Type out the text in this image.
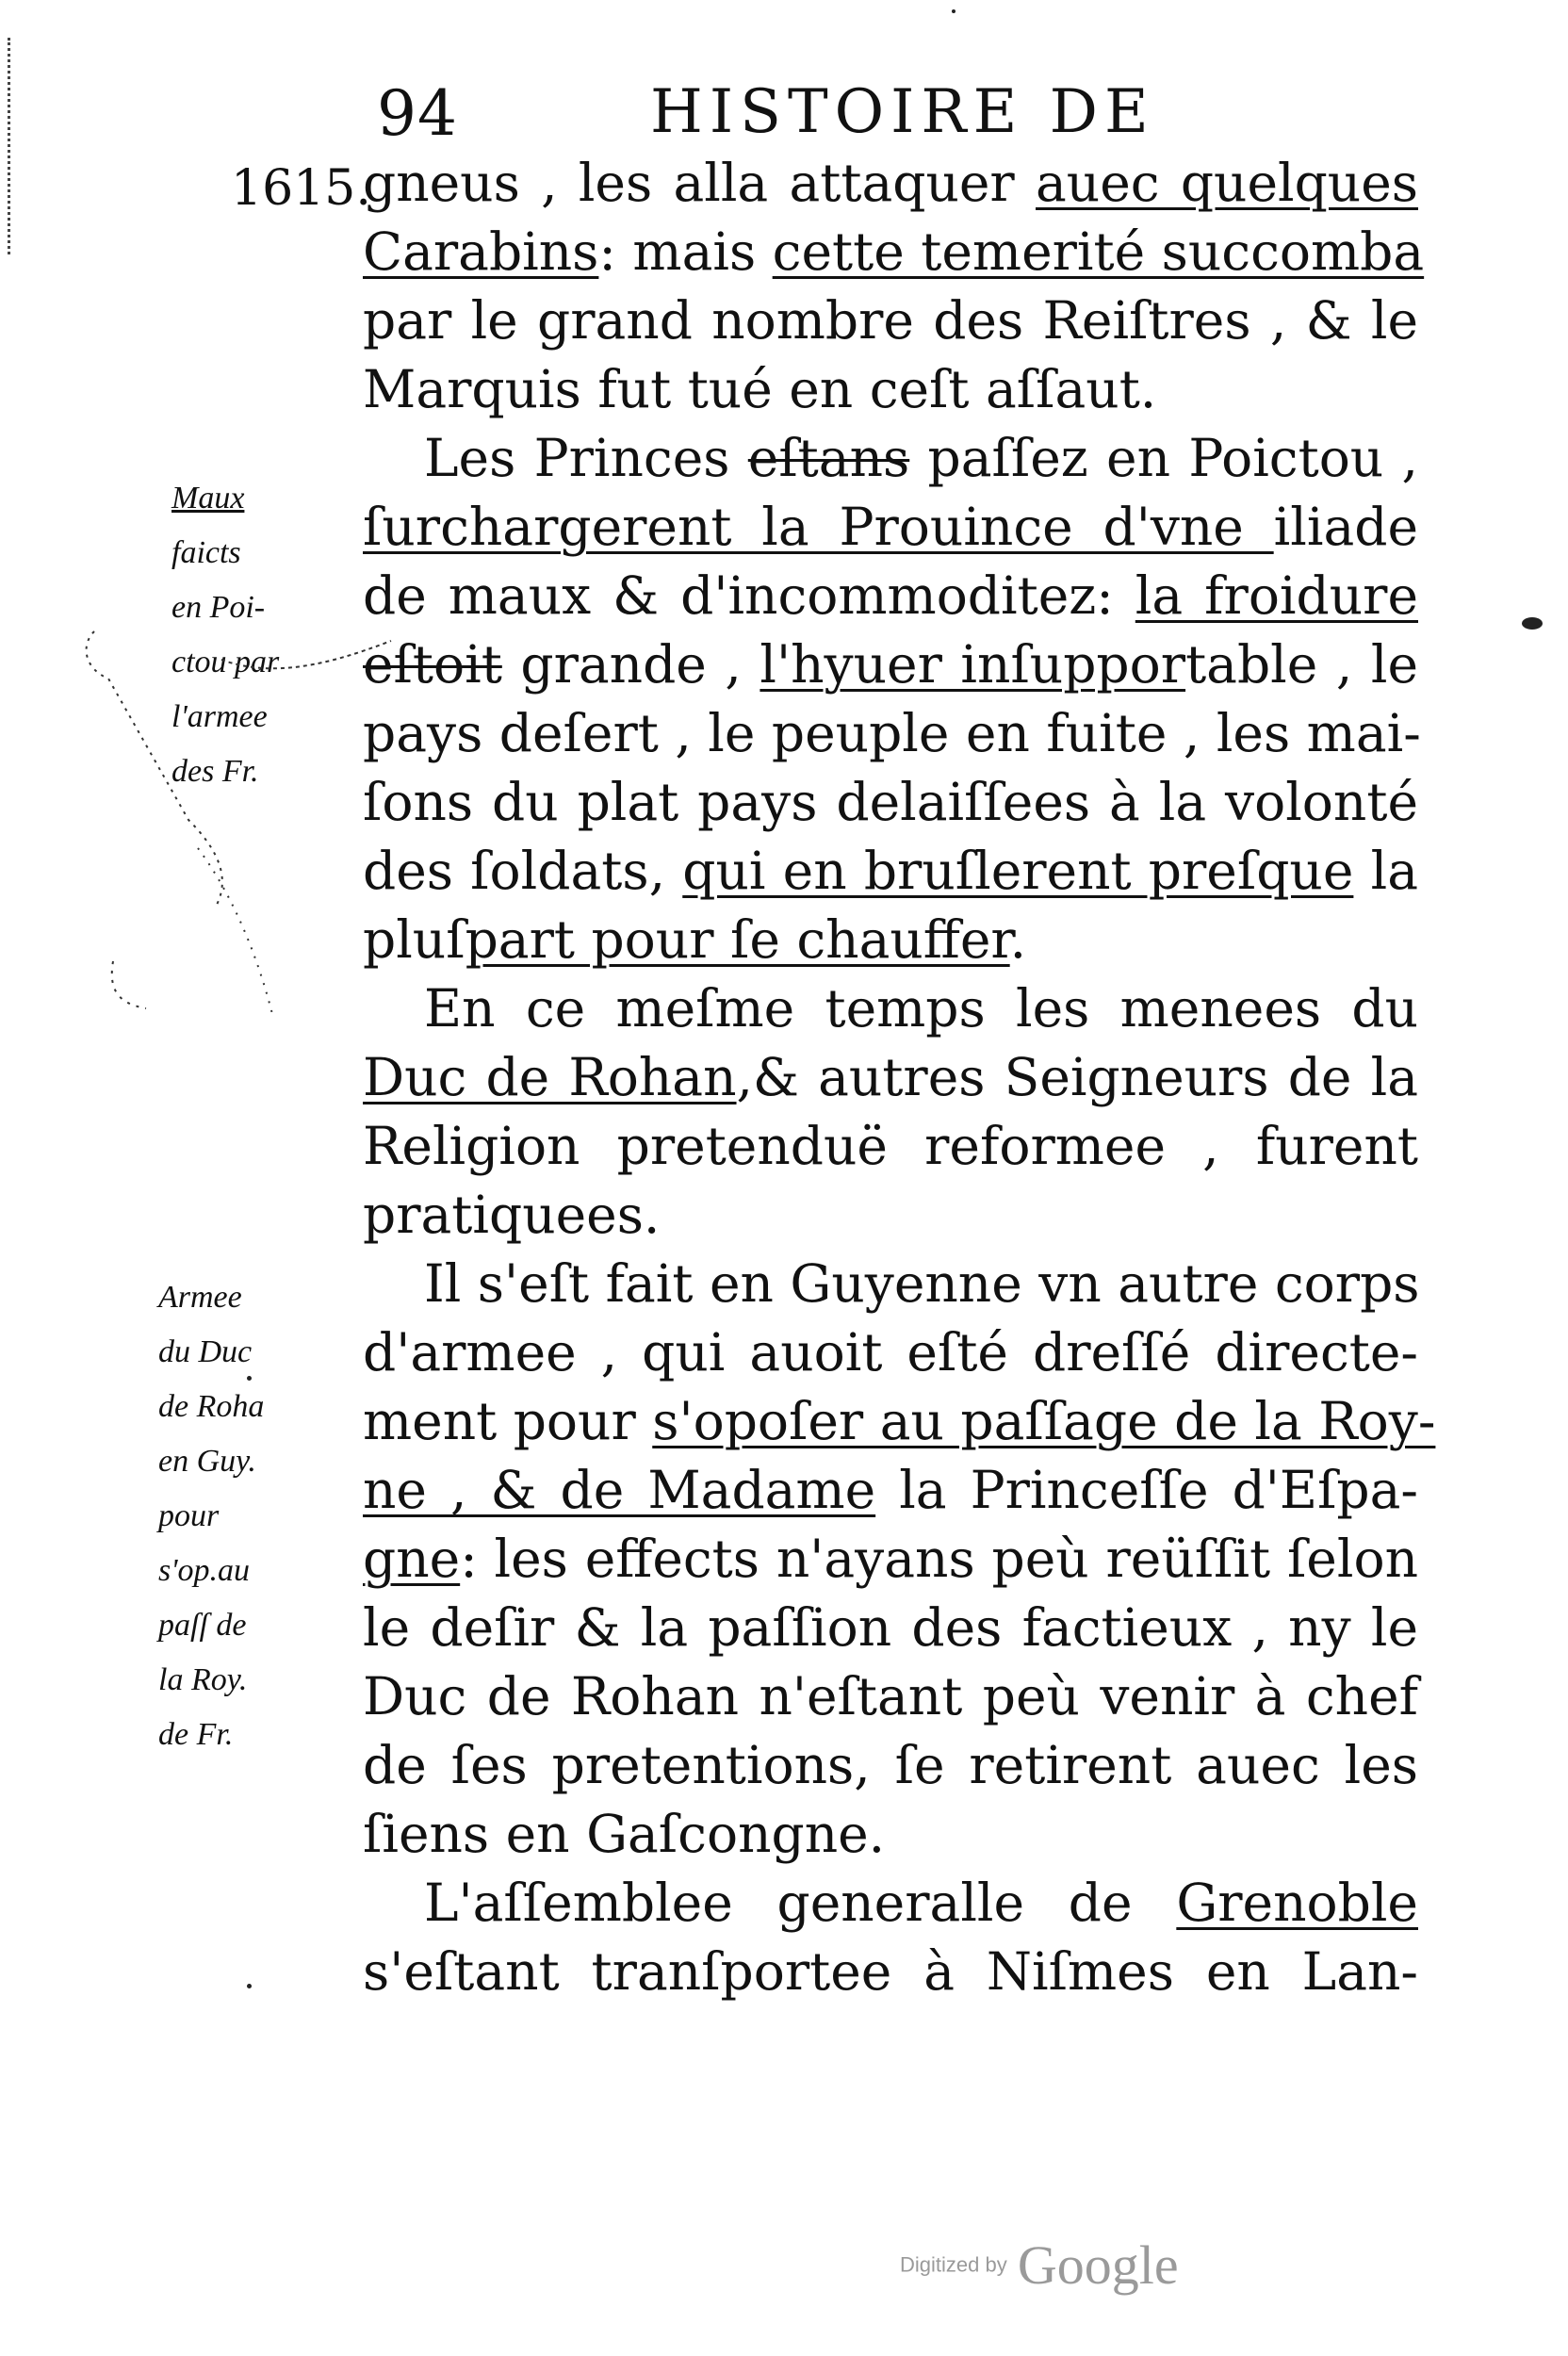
94	HISTOIRE DE
1615.
gneus , les alla attaquer auec quelques
Carabins: mais cette temerité succomba
par le grand nombre des Reiſtres , & le
Marquis fut tué en ceſt aſſaut.
Les Princes eſtans paſſez en Poictou ,
ſurchargerent la Prouince d'vne iliade
de maux & d'incommoditez: la froidure
eſtoit grande , l'hyuer inſupportable , le
pays deſert , le peuple en fuite , les mai-
ſons du plat pays delaiſſees à la volonté
des ſoldats, qui en bruſlerent preſque la
pluſpart pour ſe chauffer.
En ce meſme temps les menees du
Duc de Rohan,& autres Seigneurs de la
Religion pretenduë reformee , furent
pratiquees.
Il s'eſt fait en Guyenne vn autre corps
d'armee , qui auoit eſté dreſſé directe-
ment pour s'opoſer au paſſage de la Roy-
ne , & de Madame la Princeſſe d'Eſpa-
gne: les effects n'ayans peù reüſſit ſelon
le deſir & la paſſion des factieux , ny le
Duc de Rohan n'eſtant peù venir à chef
de ſes pretentions, ſe retirent auec les
ſiens en Gaſcongne.
L'aſſemblee generalle de Grenoble
s'eſtant tranſportee à Niſmes en Lan-
Maux
faicts
en Poi-
ctou par
l'armee
des Fr.
Armee
du Duc
de Roha
en Guy.
pour
s'op.au
paſſ de
la Roy.
de Fr.
Digitized by Google
